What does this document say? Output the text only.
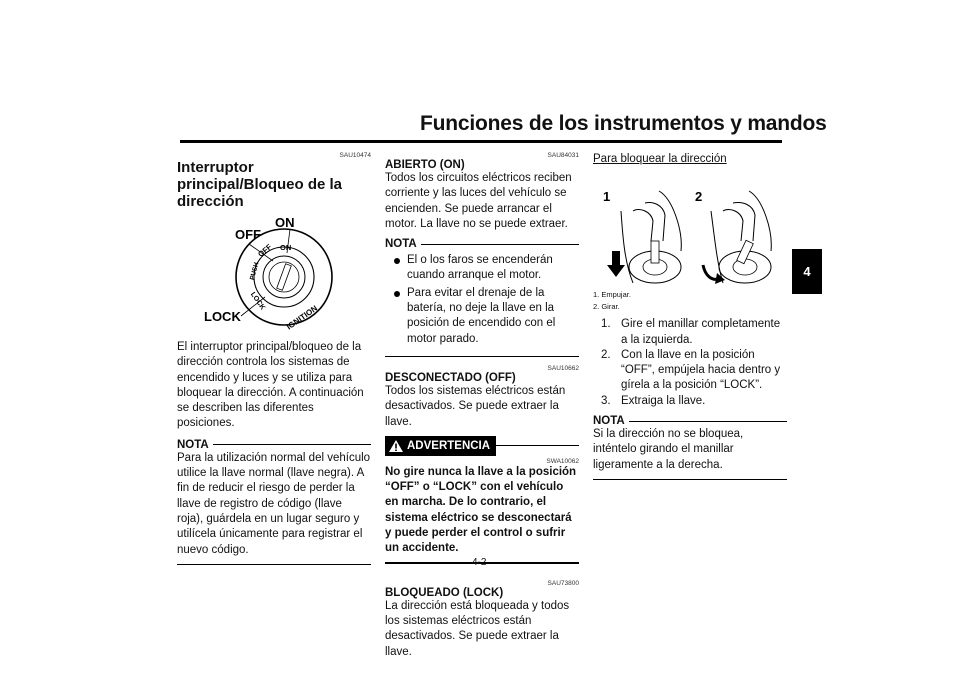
Funciones de los instrumentos y mandos
4
SAU10474
Interruptor principal/Bloqueo de la dirección
OFF ON
PUSH
LOCK
IGNITION
ON
OFF
LOCK
El interruptor principal/bloqueo de la dirección controla los sistemas de encendido y luces y se utiliza para bloquear la dirección. A continuación se describen las diferentes posiciones.
NOTA
Para la utilización normal del vehículo utilice la llave normal (llave negra). A fin de reducir el riesgo de perder la llave de registro de código (llave roja), guárdela en un lugar seguro y utilícela únicamente para registrar el nuevo código.
SAU84031
ABIERTO (ON)
Todos los circuitos eléctricos reciben corriente y las luces del vehículo se encienden. Se puede arrancar el motor. La llave no se puede extraer.
NOTA
El o los faros se encenderán cuando arranque el motor.
Para evitar el drenaje de la batería, no deje la llave en la posición de encendido con el motor parado.
SAU10662
DESCONECTADO (OFF)
Todos los sistemas eléctricos están desactivados. Se puede extraer la llave.
ADVERTENCIA
SWA10062
No gire nunca la llave a la posición “OFF” o “LOCK” con el vehículo en marcha. De lo contrario, el sistema eléctrico se desconectará y puede perder el control o sufrir un accidente.
SAU73800
BLOQUEADO (LOCK)
La dirección está bloqueada y todos los sistemas eléctricos están desactivados. Se puede extraer la llave.
Para bloquear la dirección
1	2
1. Empujar.
2. Girar.
1. Gire el manillar completamente a la izquierda.
2. Con la llave en la posición “OFF”, empújela hacia dentro y gírela a la posición “LOCK”.
3. Extraiga la llave.
NOTA
Si la dirección no se bloquea, inténtelo girando el manillar ligeramente a la derecha.
4-2
